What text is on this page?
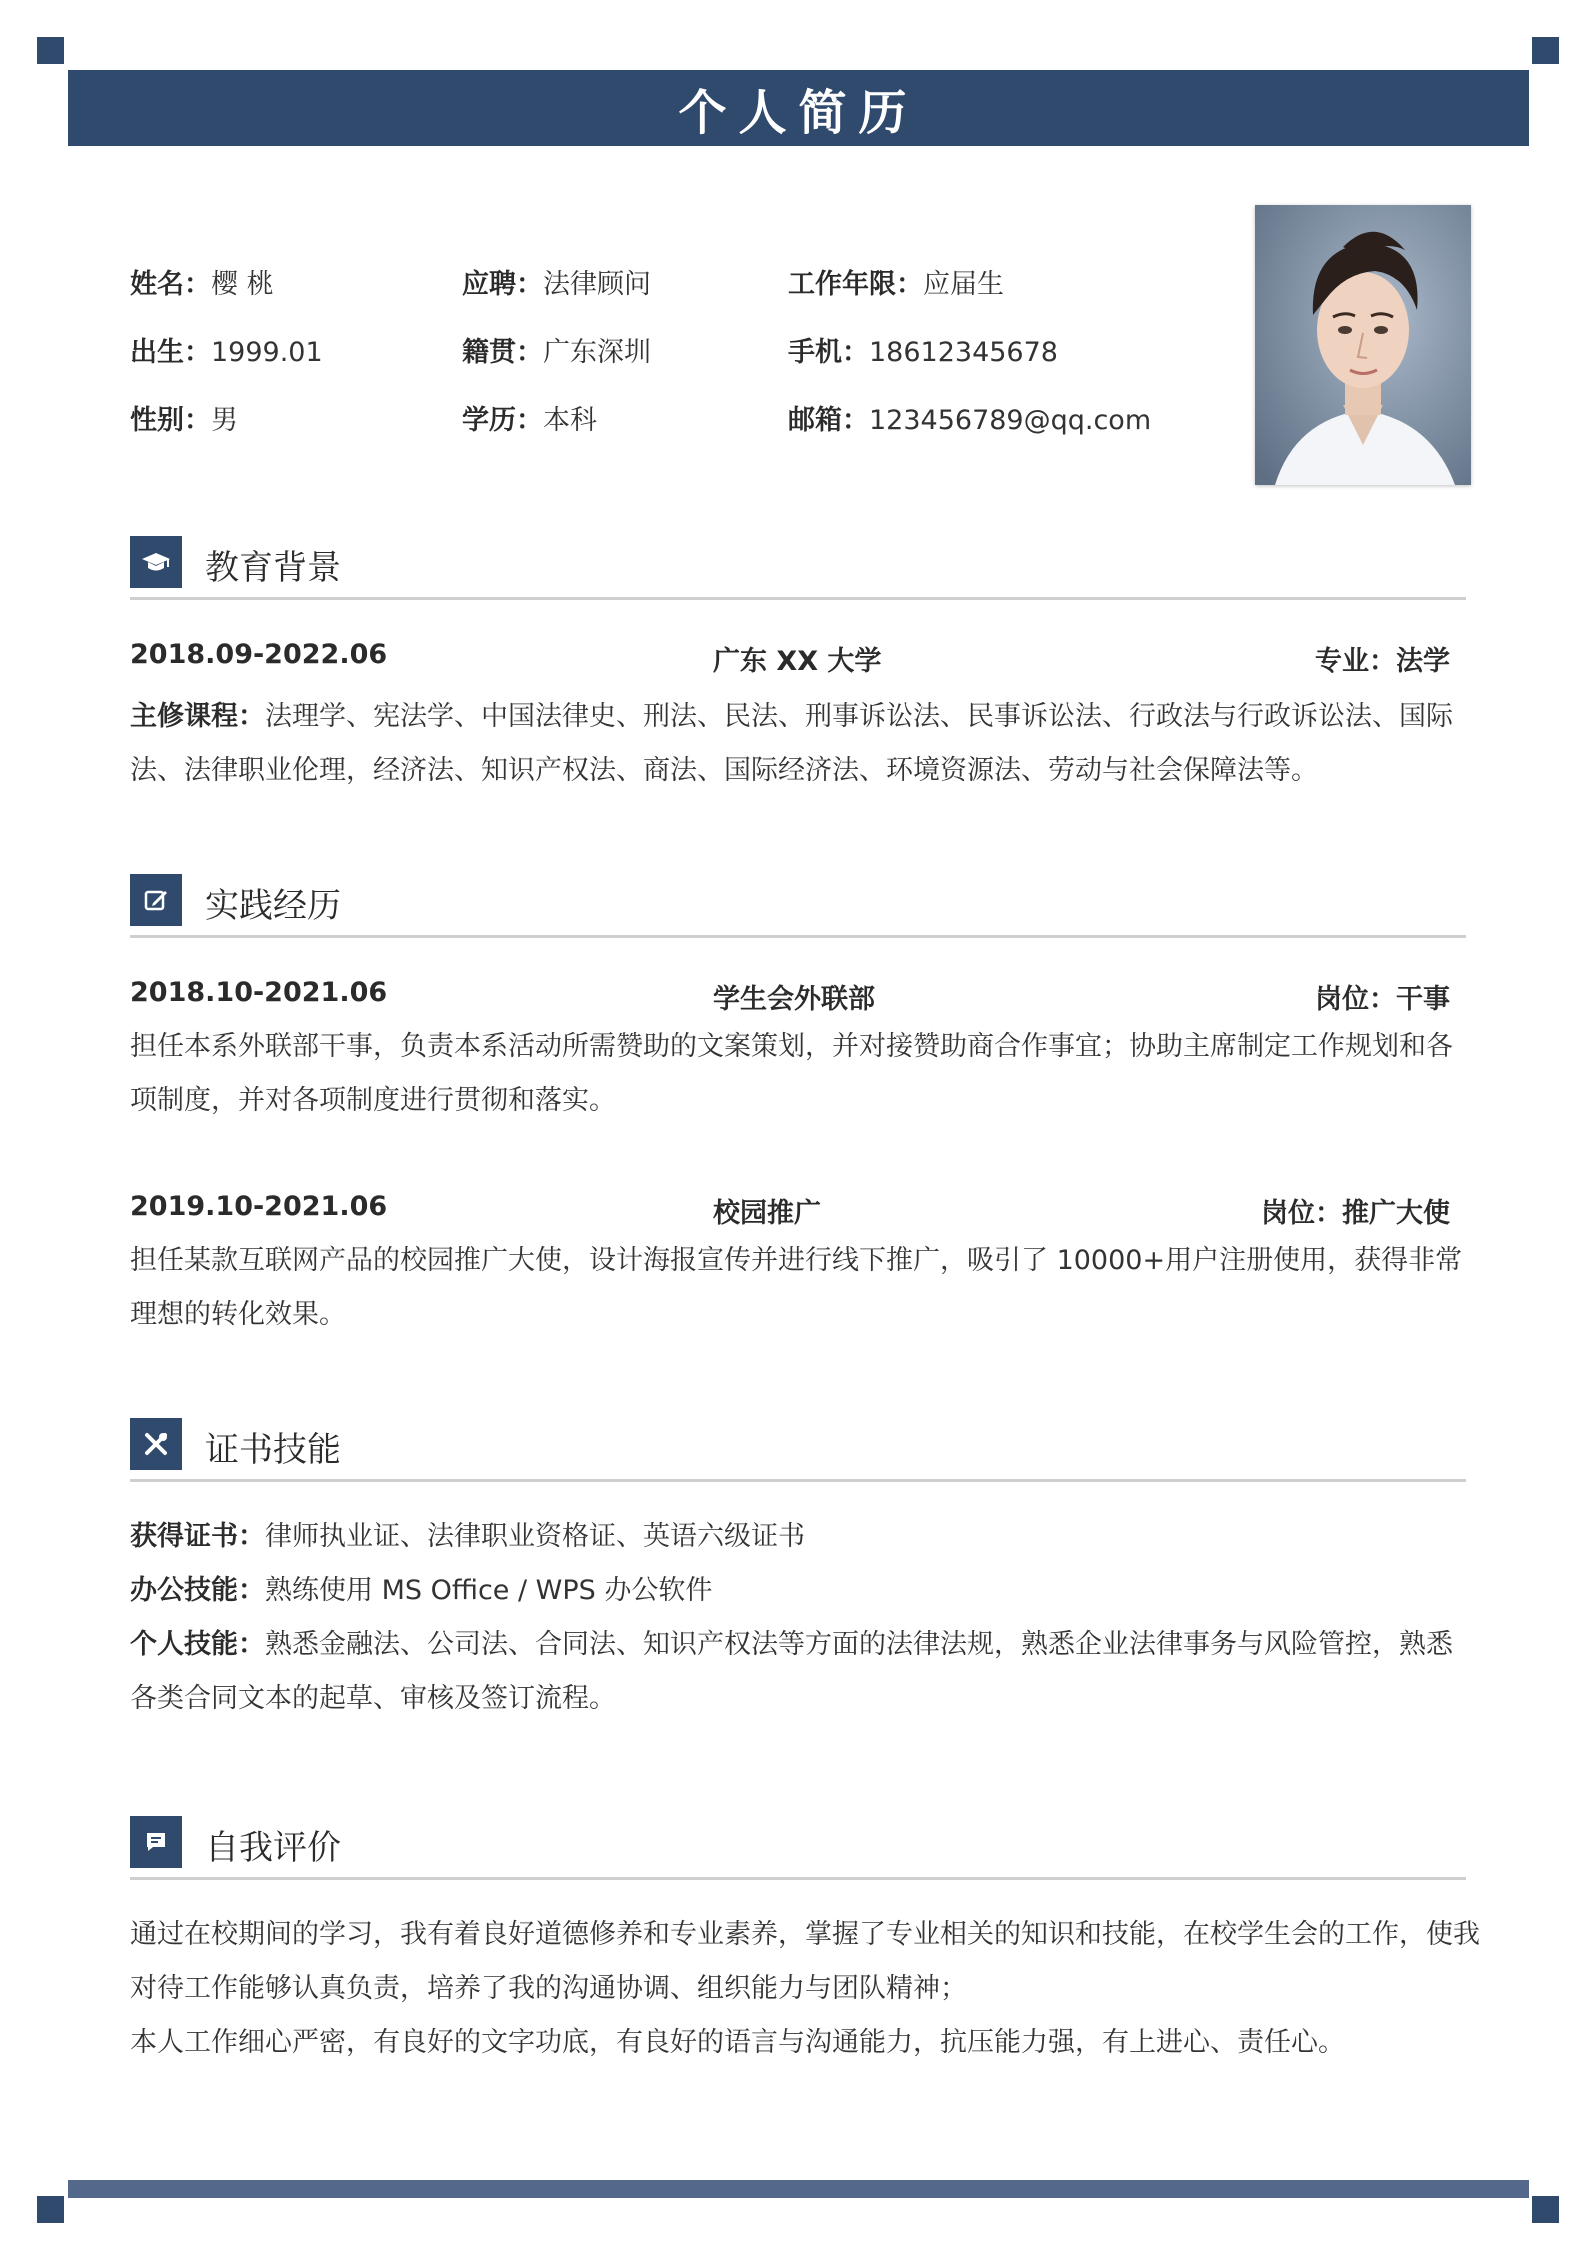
个人简历
姓名：樱 桃	应聘：法律顾问	工作年限：应届生
出生：1999.01	籍贯：广东深圳	手机：18612345678
性别：男	学历：本科	邮箱：123456789@qq.com
教育背景
2018.09-2022.06	广东 XX 大学	专业：法学
主修课程：法理学、宪法学、中国法律史、刑法、民法、刑事诉讼法、民事诉讼法、行政法与行政诉讼法、国际法、法律职业伦理，经济法、知识产权法、商法、国际经济法、环境资源法、劳动与社会保障法等。
实践经历
2018.10-2021.06	学生会外联部	岗位：干事
担任本系外联部干事，负责本系活动所需赞助的文案策划，并对接赞助商合作事宜；协助主席制定工作规划和各项制度，并对各项制度进行贯彻和落实。
2019.10-2021.06	校园推广	岗位：推广大使
担任某款互联网产品的校园推广大使，设计海报宣传并进行线下推广，吸引了 10000+用户注册使用，获得非常理想的转化效果。
证书技能
获得证书：律师执业证、法律职业资格证、英语六级证书
办公技能：熟练使用 MS Office / WPS 办公软件
个人技能：熟悉金融法、公司法、合同法、知识产权法等方面的法律法规，熟悉企业法律事务与风险管控，熟悉各类合同文本的起草、审核及签订流程。
自我评价
通过在校期间的学习，我有着良好道德修养和专业素养，掌握了专业相关的知识和技能，在校学生会的工作，使我对待工作能够认真负责，培养了我的沟通协调、组织能力与团队精神；
本人工作细心严密，有良好的文字功底，有良好的语言与沟通能力，抗压能力强，有上进心、责任心。
